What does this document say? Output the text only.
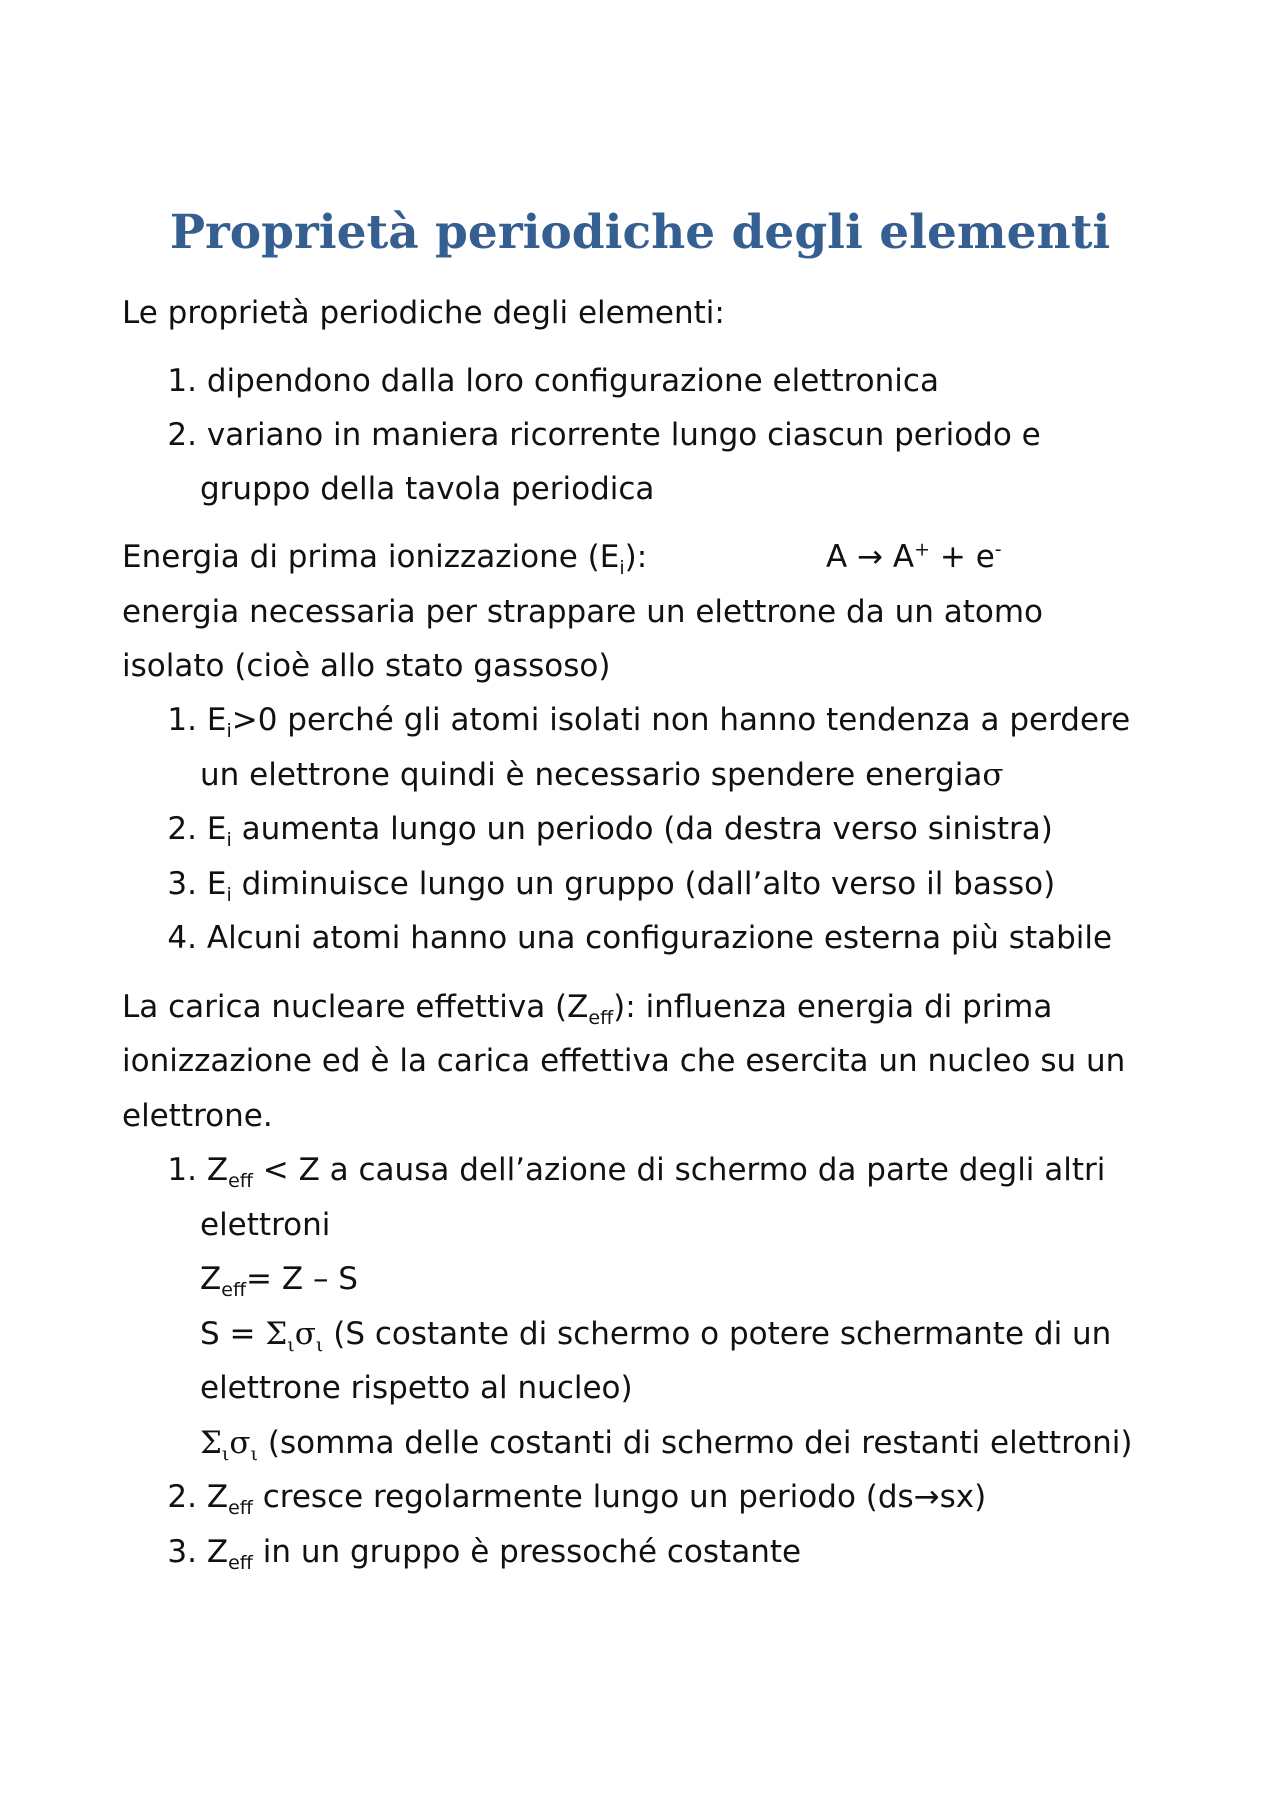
Proprietà periodiche degli elementi

Le proprietà periodiche degli elementi:

1. dipendono dalla loro configurazione elettronica
2. variano in maniera ricorrente lungo ciascun periodo e
gruppo della tavola periodica

Energia di prima ionizzazione $(E_i)$:	A → A+ + e-

energia necessaria per strappare un elettrone da un atomo

isolato (cioè allo stato gassoso)

1. $E_i>0$ perché gli atomi isolati non hanno tendenza a perdere
un elettrone quindi è necessario spendere energiaσ
2. $E_i$ aumenta lungo un periodo (da destra verso sinistra)
3. $E_i$ diminuisce lungo un gruppo (dall’alto verso il basso)
4. Alcuni atomi hanno una configurazione esterna più stabile

La carica nucleare effettiva $(Z_{eff})$: influenza energia di prima

ionizzazione ed è la carica effettiva che esercita un nucleo su un

elettrone.

1. $Z_{eff} < Z$ a causa dell’azione di schermo da parte degli altri
elettroni
$Z_{eff}= Z - S$
$S = \Sigma_\iota\sigma_\iota$ (S costante di schermo o potere schermante di un
elettrone rispetto al nucleo)
$\Sigma_\iota\sigma_\iota$ (somma delle costanti di schermo dei restanti elettroni)
2. $Z_{eff}$ cresce regolarmente lungo un periodo (ds→sx)
3. $Z_{eff}$ in un gruppo è pressoché costante
